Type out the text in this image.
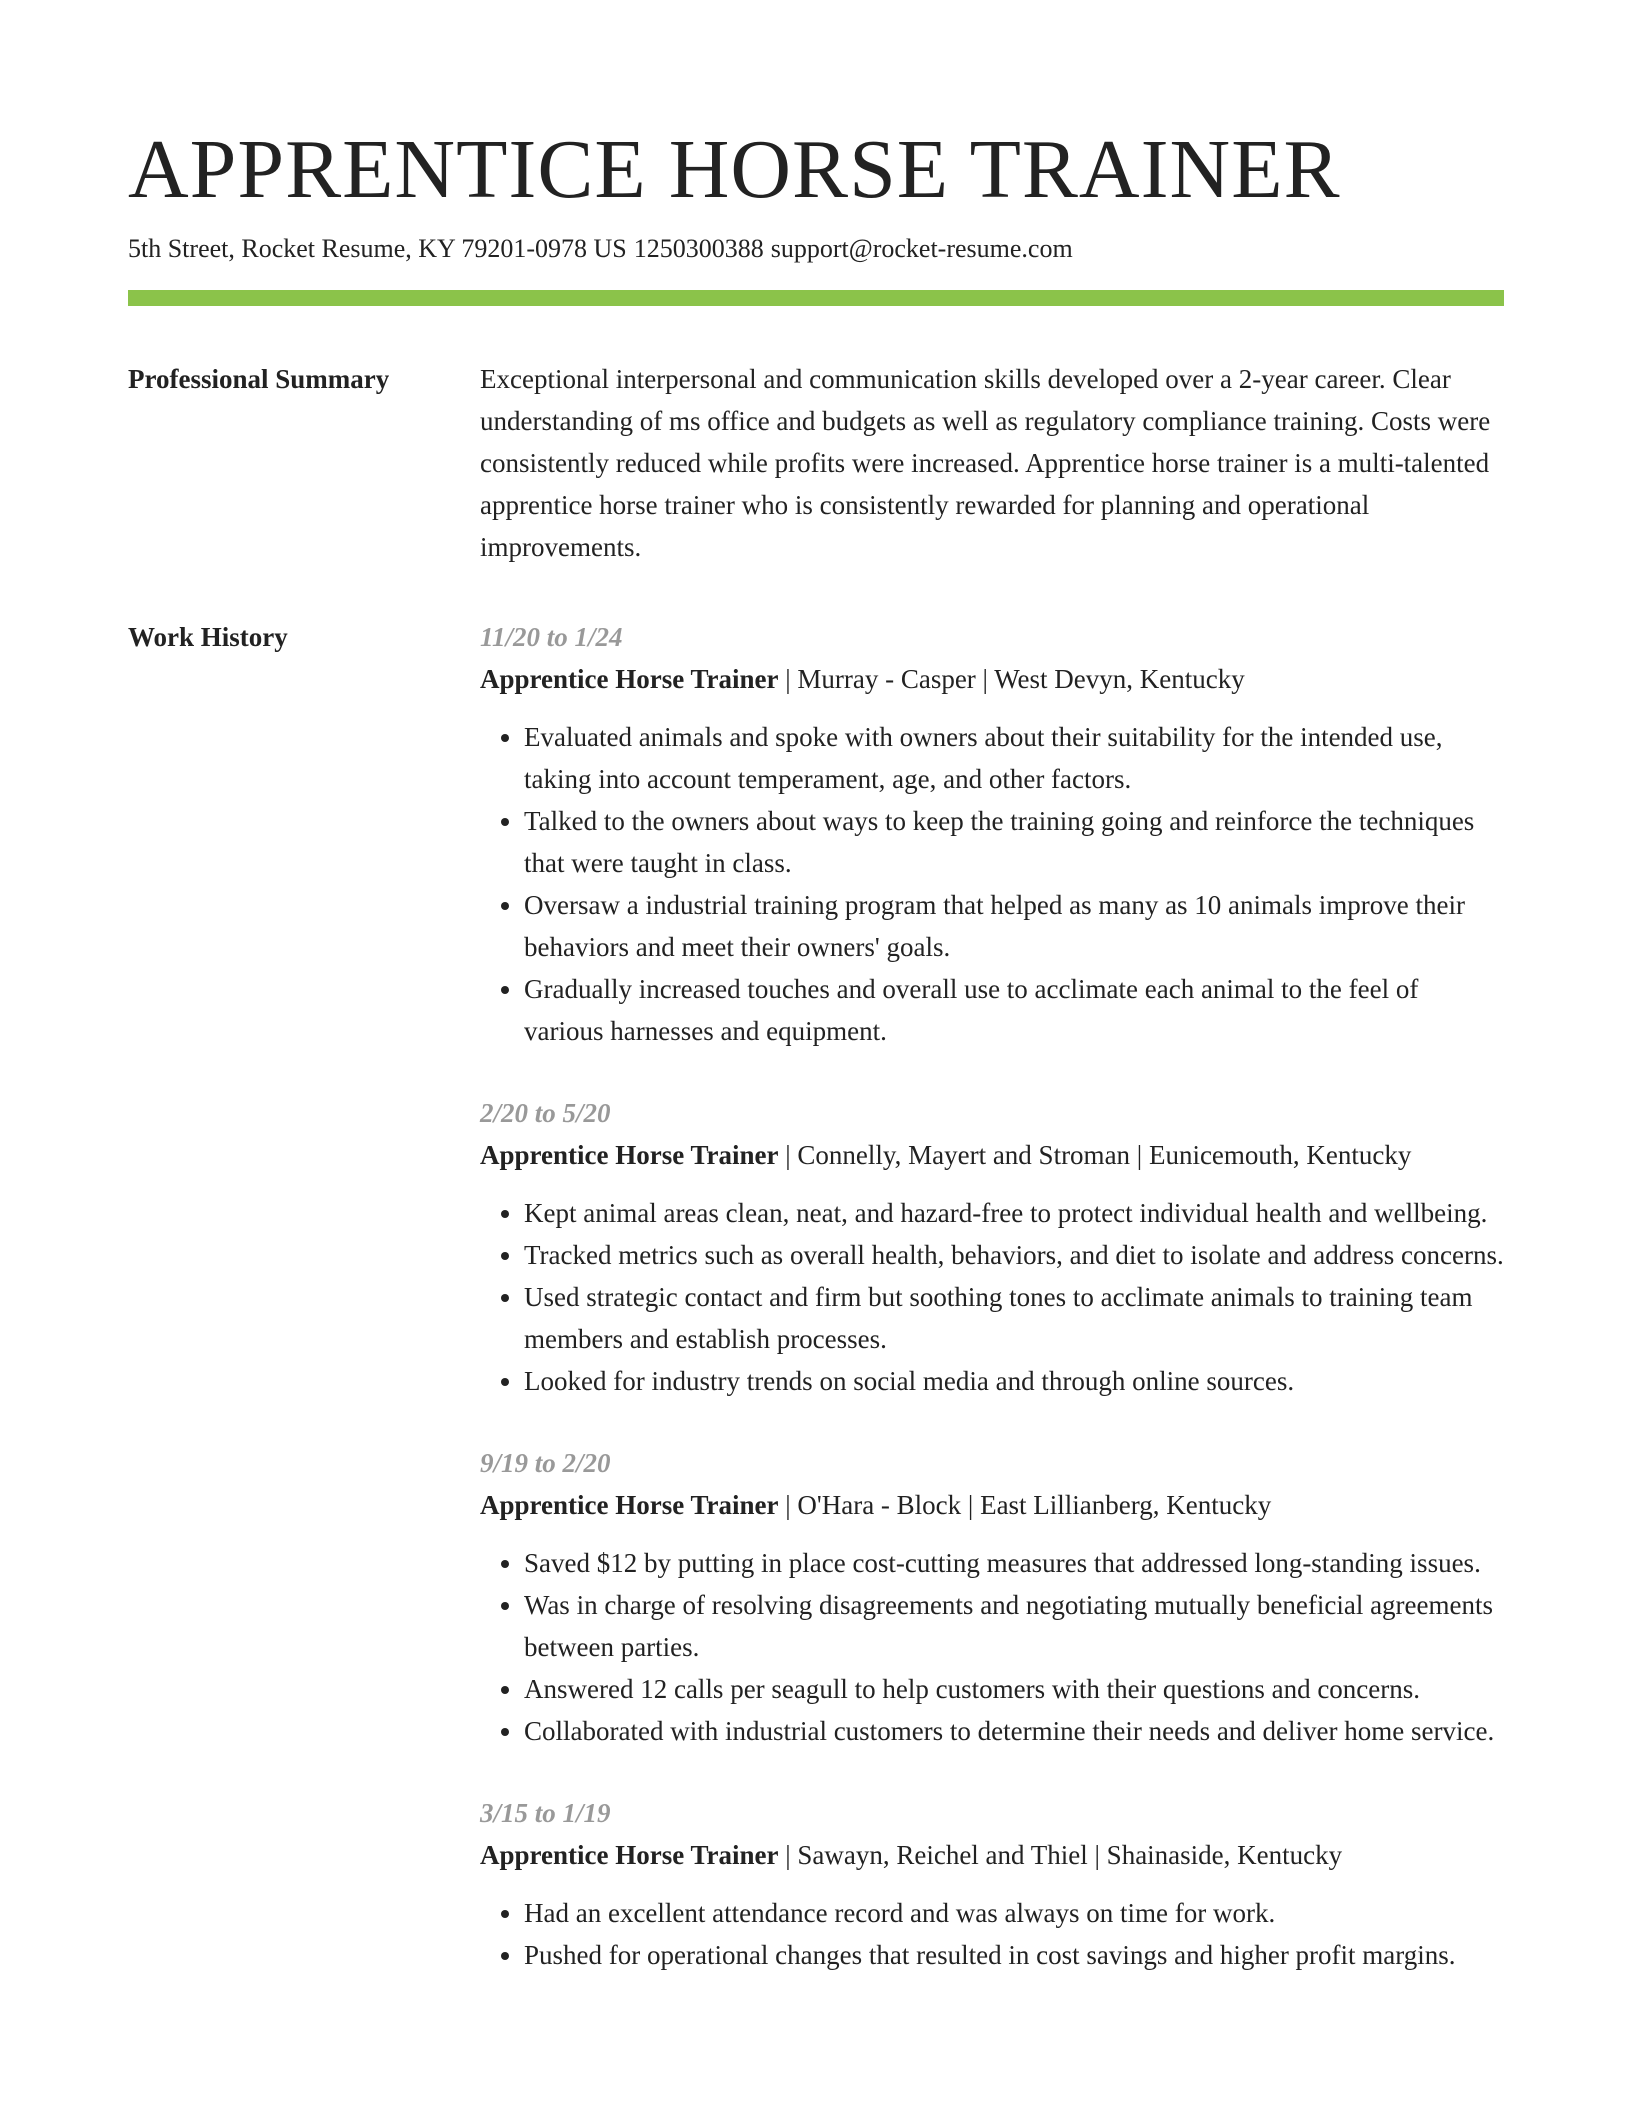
APPRENTICE HORSE TRAINER
5th Street, Rocket Resume, KY 79201-0978 US 1250300388 support@rocket-resume.com
Professional Summary	Exceptional interpersonal and communication skills developed over a 2-year career. Clear understanding of ms office and budgets as well as regulatory compliance training. Costs were consistently reduced while profits were increased. Apprentice horse trainer is a multi-talented apprentice horse trainer who is consistently rewarded for planning and operational improvements.

Work History	11/20 to 1/24
Apprentice Horse Trainer | Murray - Casper | West Devyn, Kentucky
• Evaluated animals and spoke with owners about their suitability for the intended use, taking into account temperament, age, and other factors.
• Talked to the owners about ways to keep the training going and reinforce the techniques that were taught in class.
• Oversaw a industrial training program that helped as many as 10 animals improve their behaviors and meet their owners' goals.
• Gradually increased touches and overall use to acclimate each animal to the feel of various harnesses and equipment.
2/20 to 5/20
Apprentice Horse Trainer | Connelly, Mayert and Stroman | Eunicemouth, Kentucky
• Kept animal areas clean, neat, and hazard-free to protect individual health and wellbeing.
• Tracked metrics such as overall health, behaviors, and diet to isolate and address concerns.
• Used strategic contact and firm but soothing tones to acclimate animals to training team members and establish processes.
• Looked for industry trends on social media and through online sources.
9/19 to 2/20
Apprentice Horse Trainer | O'Hara - Block | East Lillianberg, Kentucky
• Saved $12 by putting in place cost-cutting measures that addressed long-standing issues.
• Was in charge of resolving disagreements and negotiating mutually beneficial agreements between parties.
• Answered 12 calls per seagull to help customers with their questions and concerns.
• Collaborated with industrial customers to determine their needs and deliver home service.
3/15 to 1/19
Apprentice Horse Trainer | Sawayn, Reichel and Thiel | Shainaside, Kentucky
• Had an excellent attendance record and was always on time for work.
• Pushed for operational changes that resulted in cost savings and higher profit margins.
